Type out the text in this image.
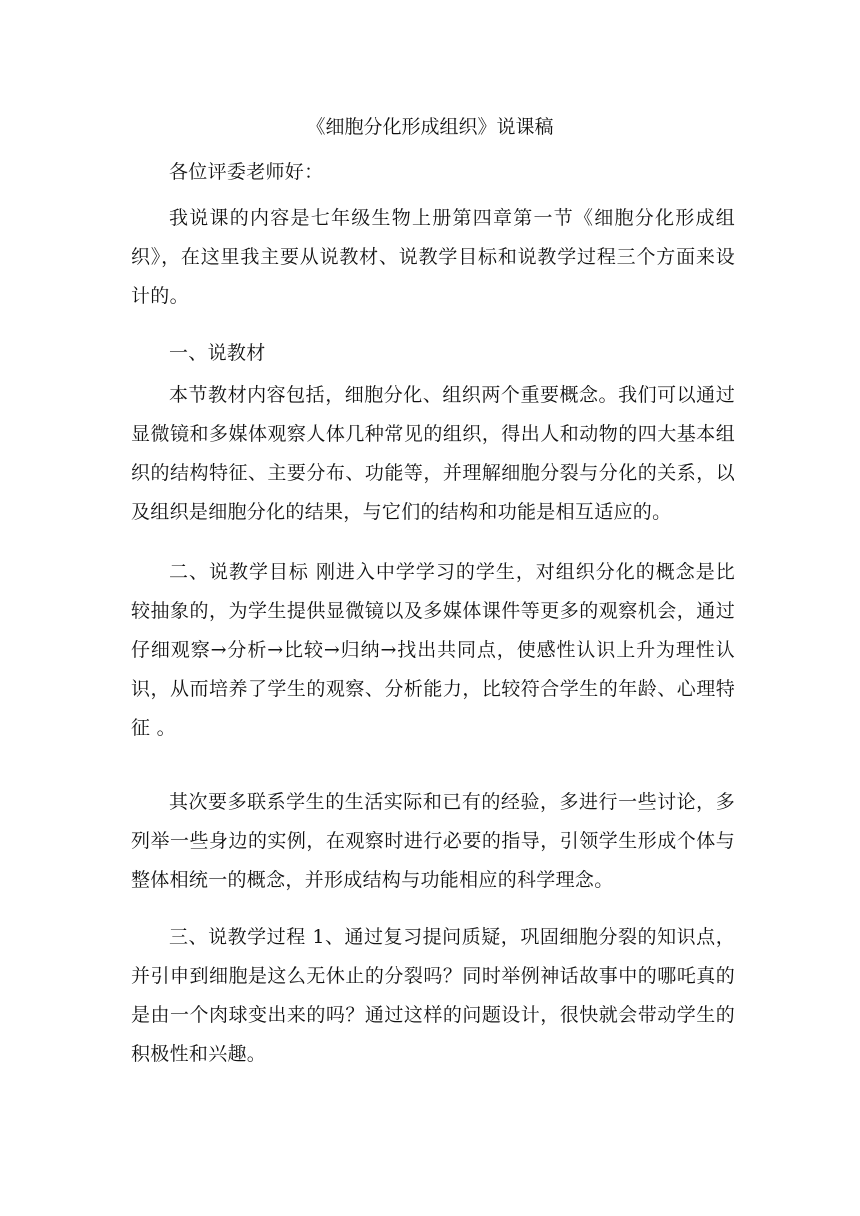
《细胞分化形成组织》说课稿

各位评委老师好：

我说课的内容是七年级生物上册第四章第一节《细胞分化形成组织》，在这里我主要从说教材、说教学目标和说教学过程三个方面来设计的。

一、说教材

本节教材内容包括，细胞分化、组织两个重要概念。我们可以通过显微镜和多媒体观察人体几种常见的组织，得出人和动物的四大基本组织的结构特征、主要分布、功能等，并理解细胞分裂与分化的关系，以及组织是细胞分化的结果，与它们的结构和功能是相互适应的。

二、说教学目标 刚进入中学学习的学生，对组织分化的概念是比较抽象的，为学生提供显微镜以及多媒体课件等更多的观察机会，通过仔细观察→分析→比较→归纳→找出共同点，使感性认识上升为理性认识，从而培养了学生的观察、分析能力，比较符合学生的年龄、心理特征 。

其次要多联系学生的生活实际和已有的经验，多进行一些讨论，多列举一些身边的实例，在观察时进行必要的指导，引领学生形成个体与整体相统一的概念，并形成结构与功能相应的科学理念。

三、说教学过程 1、通过复习提问质疑，巩固细胞分裂的知识点，并引申到细胞是这么无休止的分裂吗？同时举例神话故事中的哪吒真的是由一个肉球变出来的吗？通过这样的问题设计，很快就会带动学生的积极性和兴趣。
